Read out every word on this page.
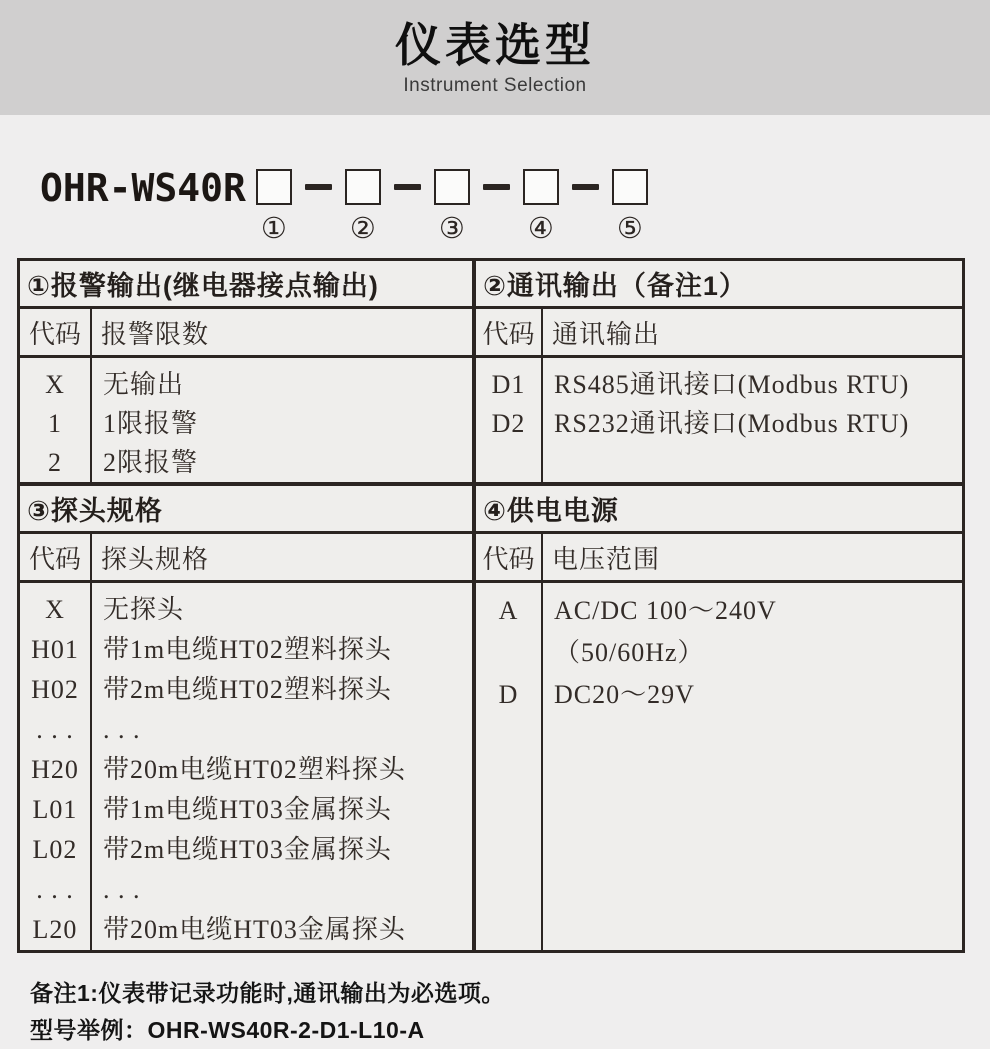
仪表选型
Instrument Selection
OHR-WS40R
① ② ③ ④ ⑤
①报警输出(继电器接点输出)
代码 报警限数
X
1
2
无输出
1限报警
2限报警
②通讯输出（备注1）
代码 通讯输出
D1
D2
RS485通讯接口(Modbus RTU)
RS232通讯接口(Modbus RTU)
③探头规格
代码 探头规格
X
H01
H02
. . .
H20
L01
L02
. . .
L20
无探头
带1m电缆HT02塑料探头
带2m电缆HT02塑料探头
. . .
带20m电缆HT02塑料探头
带1m电缆HT03金属探头
带2m电缆HT03金属探头
. . .
带20m电缆HT03金属探头
④供电电源
代码 电压范围
A
D
AC/DC 100～240V
（50/60Hz）
DC20～29V
备注1:仪表带记录功能时,通讯输出为必选项。
型号举例：OHR-WS40R-2-D1-L10-A
